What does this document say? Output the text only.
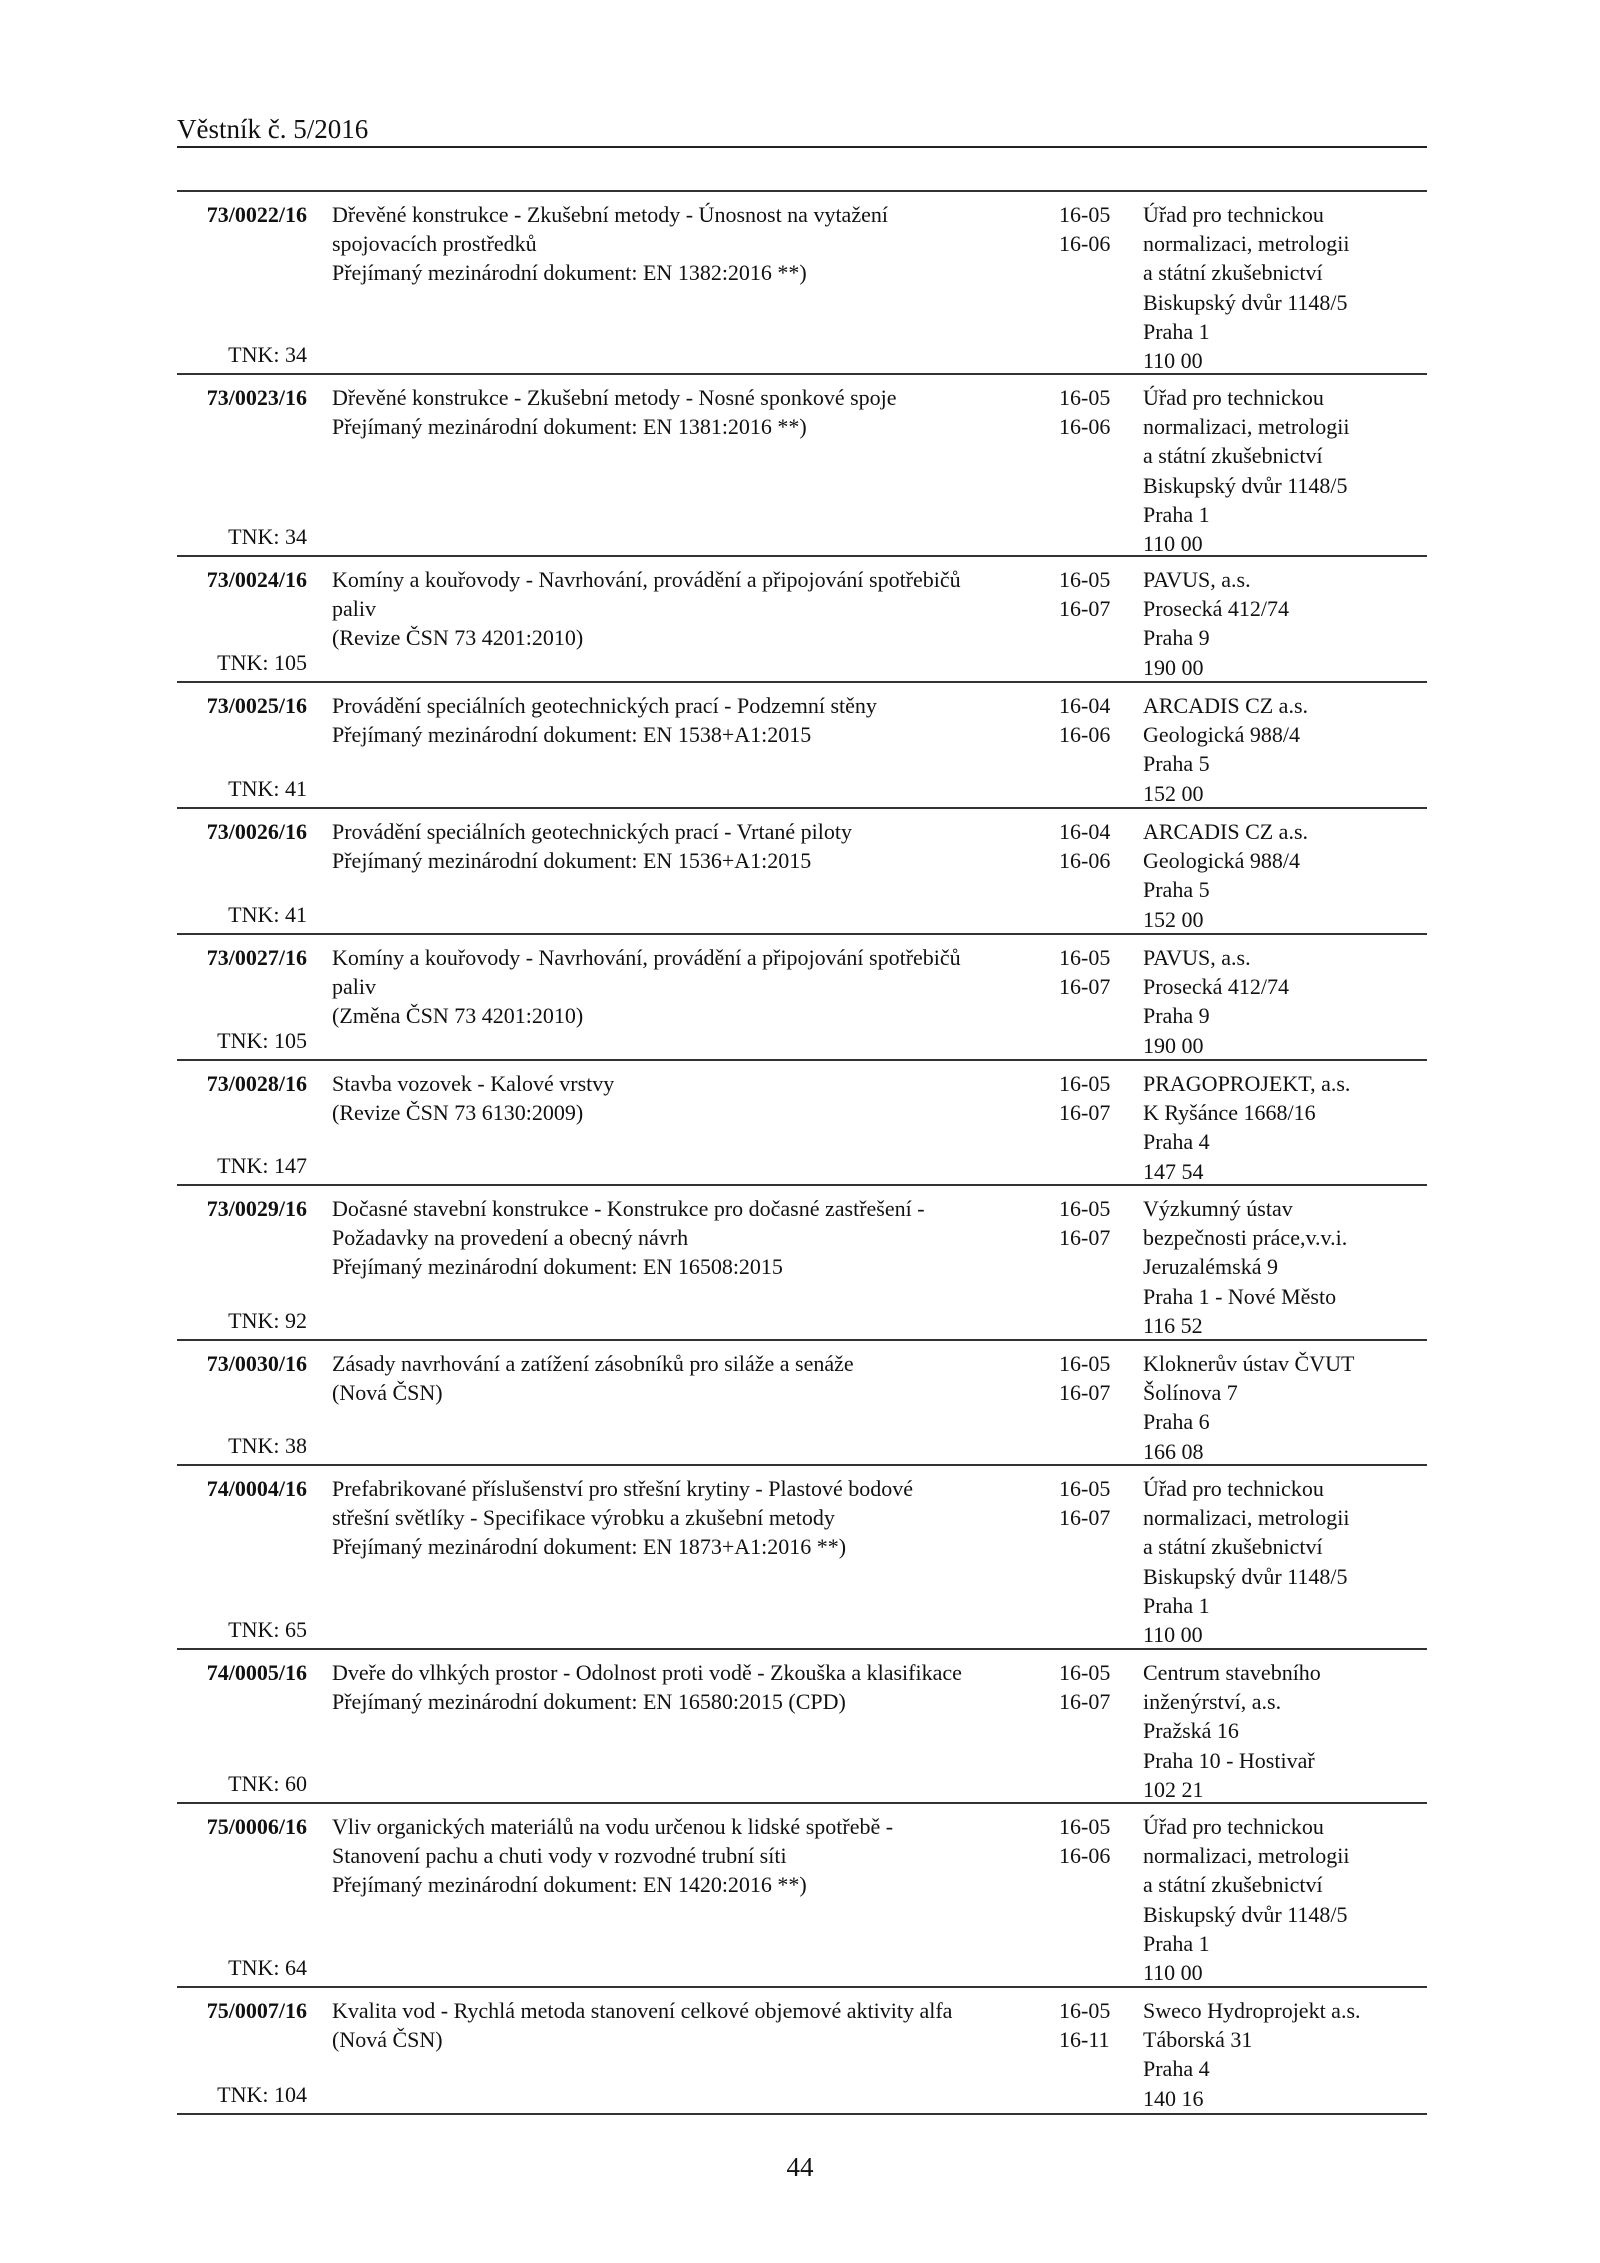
Věstník č. 5/2016
73/0022/16
TNK: 34
Dřevěné konstrukce - Zkušební metody - Únosnost na vytažení
spojovacích prostředků
Přejímaný mezinárodní dokument: EN 1382:2016 **)
16-05
16-06
Úřad pro technickou
normalizaci, metrologii
a státní zkušebnictví
Biskupský dvůr 1148/5
Praha 1
110 00
73/0023/16
TNK: 34
Dřevěné konstrukce - Zkušební metody - Nosné sponkové spoje
Přejímaný mezinárodní dokument: EN 1381:2016 **)
16-05
16-06
Úřad pro technickou
normalizaci, metrologii
a státní zkušebnictví
Biskupský dvůr 1148/5
Praha 1
110 00
73/0024/16
TNK: 105
Komíny a kouřovody - Navrhování, provádění a připojování spotřebičů
paliv
(Revize ČSN 73 4201:2010)
16-05
16-07
PAVUS, a.s.
Prosecká 412/74
Praha 9
190 00
73/0025/16
TNK: 41
Provádění speciálních geotechnických prací - Podzemní stěny
Přejímaný mezinárodní dokument: EN 1538+A1:2015
16-04
16-06
ARCADIS CZ a.s.
Geologická 988/4
Praha 5
152 00
73/0026/16
TNK: 41
Provádění speciálních geotechnických prací - Vrtané piloty
Přejímaný mezinárodní dokument: EN 1536+A1:2015
16-04
16-06
ARCADIS CZ a.s.
Geologická 988/4
Praha 5
152 00
73/0027/16
TNK: 105
Komíny a kouřovody - Navrhování, provádění a připojování spotřebičů
paliv
(Změna ČSN 73 4201:2010)
16-05
16-07
PAVUS, a.s.
Prosecká 412/74
Praha 9
190 00
73/0028/16
TNK: 147
Stavba vozovek - Kalové vrstvy
(Revize ČSN 73 6130:2009)
16-05
16-07
PRAGOPROJEKT, a.s.
K Ryšánce 1668/16
Praha 4
147 54
73/0029/16
TNK: 92
Dočasné stavební konstrukce - Konstrukce pro dočasné zastřešení -
Požadavky na provedení a obecný návrh
Přejímaný mezinárodní dokument: EN 16508:2015
16-05
16-07
Výzkumný ústav
bezpečnosti práce,v.v.i.
Jeruzalémská 9
Praha 1 - Nové Město
116 52
73/0030/16
TNK: 38
Zásady navrhování a zatížení zásobníků pro siláže a senáže
(Nová ČSN)
16-05
16-07
Kloknerův ústav ČVUT
Šolínova 7
Praha 6
166 08
74/0004/16
TNK: 65
Prefabrikované příslušenství pro střešní krytiny - Plastové bodové
střešní světlíky - Specifikace výrobku a zkušební metody
Přejímaný mezinárodní dokument: EN 1873+A1:2016 **)
16-05
16-07
Úřad pro technickou
normalizaci, metrologii
a státní zkušebnictví
Biskupský dvůr 1148/5
Praha 1
110 00
74/0005/16
TNK: 60
Dveře do vlhkých prostor - Odolnost proti vodě - Zkouška a klasifikace
Přejímaný mezinárodní dokument: EN 16580:2015 (CPD)
16-05
16-07
Centrum stavebního
inženýrství, a.s.
Pražská 16
Praha 10 - Hostivař
102 21
75/0006/16
TNK: 64
Vliv organických materiálů na vodu určenou k lidské spotřebě -
Stanovení pachu a chuti vody v rozvodné trubní síti
Přejímaný mezinárodní dokument: EN 1420:2016 **)
16-05
16-06
Úřad pro technickou
normalizaci, metrologii
a státní zkušebnictví
Biskupský dvůr 1148/5
Praha 1
110 00
75/0007/16
TNK: 104
Kvalita vod - Rychlá metoda stanovení celkové objemové aktivity alfa
(Nová ČSN)
16-05
16-11
Sweco Hydroprojekt a.s.
Táborská 31
Praha 4
140 16
44
